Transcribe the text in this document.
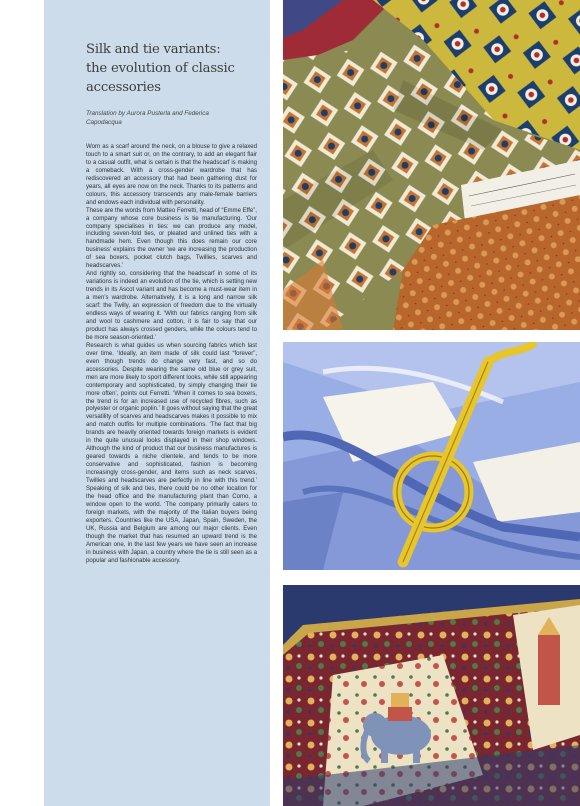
Silk and tie variants:
the evolution of classic
accessories
Translation by Aurora Pusterla and Federica
Capodacqua

Worn as a scarf around the neck, on a blouse to give a relaxed touch to a smart suit or, on the contrary, to add an elegant flair to a casual outfit, what is certain is that the headscarf is making a comeback. With a cross-gender wardrobe that has rediscovered an accessory that had been gathering dust for years, all eyes are now on the neck. Thanks to its patterns and colours, this accessory transcends any male-female barriers and endows each individual with personality.

These are the words from Matteo Ferretti, head of “Emme Effe”, a company whose core business is tie manufacturing. ‘Our company specialises in ties: we can produce any model, including seven-fold ties, or pleated and unlined ties with a handmade hem. Even though this does remain our core business’ explains the owner ‘we are increasing the production of sea boxers, pocket clutch bags, Twillies, scarves and headscarves.’

And rightly so, considering that the headscarf in some of its variations is indeed an evolution of the tie, which is setting new trends in its Ascot variant and has become a must-wear item in a men’s wardrobe. Alternatively, it is a long and narrow silk scarf: the Twilly, an expression of freedom due to the virtually endless ways of wearing it. ‘With our fabrics ranging from silk and wool to cashmere and cotton, it is fair to say that our product has always crossed genders, while the colours tend to be more season-oriented.’

Research is what guides us when sourcing fabrics which last over time. ‘Ideally, an item made of silk could last “forever”, even though trends do change very fast, and so do accessories. Despite wearing the same old blue or grey suit, men are more likely to sport different looks, while still appearing contemporary and sophisticated, by simply changing their tie more often’, points out Ferretti. ‘When it comes to sea boxers, the trend is for an increased use of recycled fibres, such as polyester or organic poplin.’ It goes without saying that the great versatility of scarves and headscarves makes it possible to mix and match outfits for multiple combinations. ‘The fact that big brands are heavily oriented towards foreign markets is evident in the quite unusual looks displayed in their shop windows. Although the kind of product that our business manufactures is geared towards a niche clientele, and tends to be more conservative and sophisticated, fashion is becoming increasingly cross-gender, and items such as neck scarves, Twillies and headscarves are perfectly in line with this trend.’ Speaking of silk and ties, there could be no other location for the head office and the manufacturing plant than Como, a window open to the world. ‘The company primarily caters to foreign markets, with the majority of the Italian buyers being exporters. Countries like the USA, Japan, Spain, Sweden, the UK, Russia and Belgium are among our major clients. Even though the market that has resumed an upward trend is the American one, in the last few years we have seen an increase in business with Japan, a country where the tie is still seen as a popular and fashionable accessory.
